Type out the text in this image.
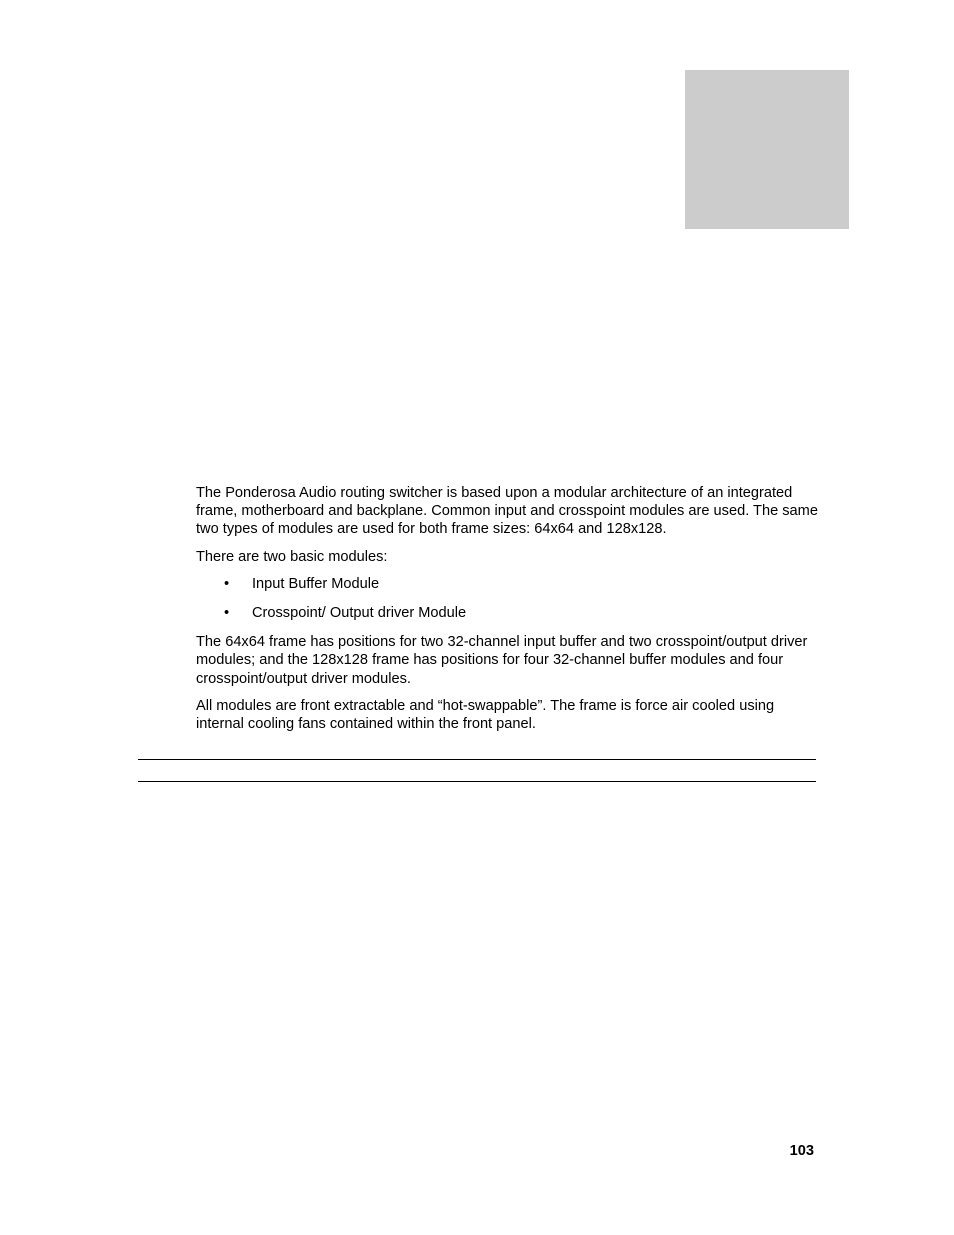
The Ponderosa Audio routing switcher is based upon a modular architecture of an integrated frame, motherboard and backplane. Common input and crosspoint modules are used. The same two types of modules are used for both frame sizes: 64x64 and 128x128.

There are two basic modules:

• Input Buffer Module
• Crosspoint/ Output driver Module

The 64x64 frame has positions for two 32-channel input buffer and two crosspoint/output driver modules; and the 128x128 frame has positions for four 32-channel buffer modules and four crosspoint/output driver modules.

All modules are front extractable and “hot-swappable”. The frame is force air cooled using internal cooling fans contained within the front panel.

103
